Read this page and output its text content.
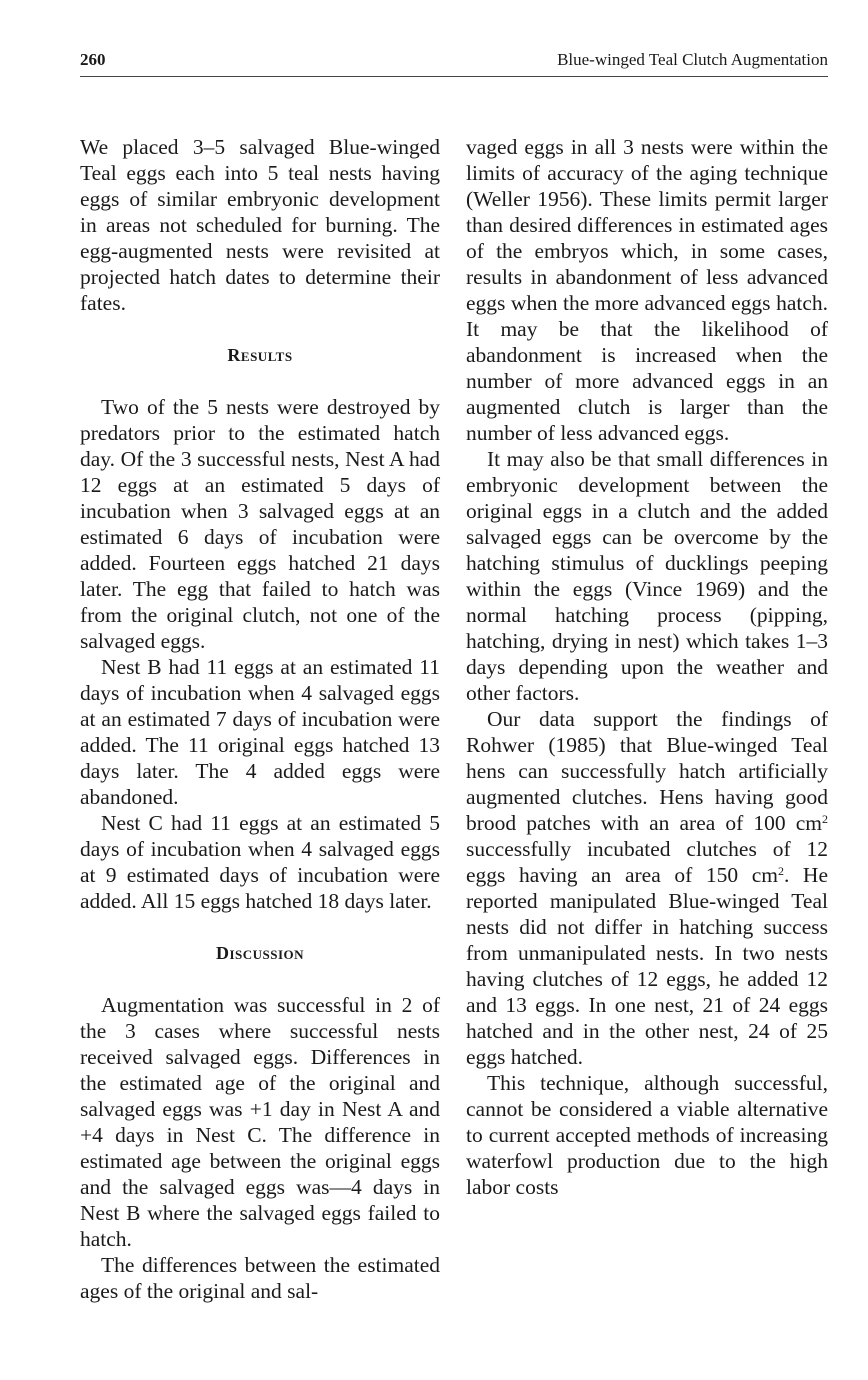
260	Blue-winged Teal Clutch Augmentation

We placed 3–5 salvaged Blue-winged Teal eggs each into 5 teal nests having eggs of similar embryonic development in areas not scheduled for burning. The egg-augmented nests were revisited at projected hatch dates to determine their fates.

Results

Two of the 5 nests were destroyed by predators prior to the estimated hatch day. Of the 3 successful nests, Nest A had 12 eggs at an estimated 5 days of incubation when 3 salvaged eggs at an estimated 6 days of incubation were added. Fourteen eggs hatched 21 days later. The egg that failed to hatch was from the original clutch, not one of the salvaged eggs.

Nest B had 11 eggs at an estimated 11 days of incubation when 4 salvaged eggs at an estimated 7 days of incubation were added. The 11 original eggs hatched 13 days later. The 4 added eggs were abandoned.

Nest C had 11 eggs at an estimated 5 days of incubation when 4 salvaged eggs at 9 estimated days of incubation were added. All 15 eggs hatched 18 days later.

Discussion

Augmentation was successful in 2 of the 3 cases where successful nests received salvaged eggs. Differences in the estimated age of the original and salvaged eggs was +1 day in Nest A and +4 days in Nest C. The difference in estimated age between the original eggs and the salvaged eggs was—4 days in Nest B where the salvaged eggs failed to hatch.

The differences between the estimated ages of the original and sal-

vaged eggs in all 3 nests were within the limits of accuracy of the aging technique (Weller 1956). These limits permit larger than desired differences in estimated ages of the embryos which, in some cases, results in abandonment of less advanced eggs when the more advanced eggs hatch. It may be that the likelihood of abandonment is increased when the number of more advanced eggs in an augmented clutch is larger than the number of less advanced eggs.

It may also be that small differences in embryonic development between the original eggs in a clutch and the added salvaged eggs can be overcome by the hatching stimulus of ducklings peeping within the eggs (Vince 1969) and the normal hatching process (pipping, hatching, drying in nest) which takes 1–3 days depending upon the weather and other factors.

Our data support the findings of Rohwer (1985) that Blue-winged Teal hens can successfully hatch artificially augmented clutches. Hens having good brood patches with an area of 100 $cm^2$ successfully incubated clutches of 12 eggs having an area of 150 $cm^2$. He reported manipulated Blue-winged Teal nests did not differ in hatching success from unmanipulated nests. In two nests having clutches of 12 eggs, he added 12 and 13 eggs. In one nest, 21 of 24 eggs hatched and in the other nest, 24 of 25 eggs hatched.

This technique, although successful, cannot be considered a viable alternative to current accepted methods of increasing waterfowl production due to the high labor costs
